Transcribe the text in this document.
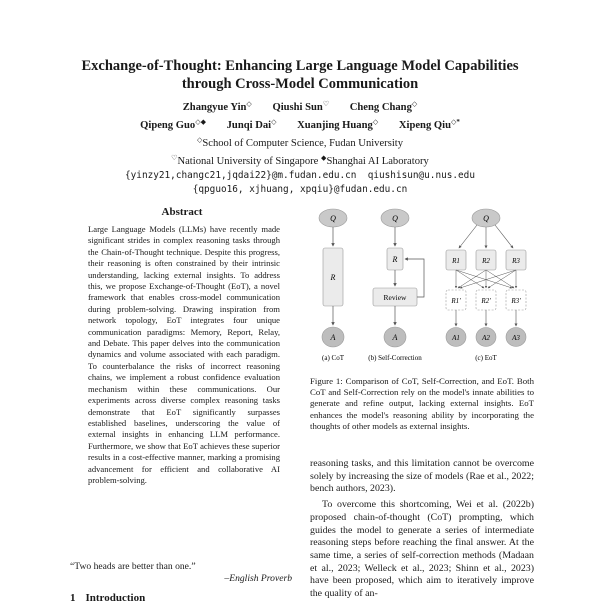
Exchange-of-Thought: Enhancing Large Language Model Capabilities
through Cross-Model Communication
Zhangyue Yin◇ Qiushi Sun♡ Cheng Chang◇
Qipeng Guo◇◆ Junqi Dai◇ Xuanjing Huang◇ Xipeng Qiu◇*
◇School of Computer Science, Fudan University
♡National University of Singapore ◆Shanghai AI Laboratory
{yinzy21,changc21,jqdai22}@m.fudan.edu.cn  qiushisun@u.nus.edu
{qpguo16, xjhuang, xpqiu}@fudan.edu.cn
Abstract
Large Language Models (LLMs) have recently made significant strides in complex reasoning tasks through the Chain-of-Thought technique. Despite this progress, their reasoning is often constrained by their intrinsic understanding, lacking external insights. To address this, we propose Exchange-of-Thought (EoT), a novel framework that enables cross-model communication during problem-solving. Drawing inspiration from network topology, EoT integrates four unique communication paradigms: Memory, Report, Relay, and Debate. This paper delves into the communication dynamics and volume associated with each paradigm. To counterbalance the risks of incorrect reasoning chains, we implement a robust confidence evaluation mechanism within these communications. Our experiments across diverse complex reasoning tasks demonstrate that EoT significantly surpasses established baselines, underscoring the value of external insights in enhancing LLM performance. Furthermore, we show that EoT achieves these superior results in a cost-effective manner, marking a promising advancement for efficient and collaborative AI problem-solving.
“Two heads are better than one.”
–English Proverb
1 Introduction
Q
R
A
(a) CoT
Q
R
Review
A
(b) Self-Correction
Q
R1	R2	R3
R1′	R2′	R3′
A1	A2	A3
(c) EoT
Figure 1: Comparison of CoT, Self-Correction, and EoT. Both CoT and Self-Correction rely on the model's innate abilities to generate and refine output, lacking external insights. EoT enhances the model's reasoning ability by incorporating the thoughts of other models as external insights.

reasoning tasks, and this limitation cannot be overcome solely by increasing the size of models (Rae et al., 2022; bench authors, 2023).

To overcome this shortcoming, Wei et al. (2022b) proposed chain-of-thought (CoT) prompting, which guides the model to generate a series of intermediate reasoning steps before reaching the final answer. At the same time, a series of self-correction methods (Madaan et al., 2023; Welleck et al., 2023; Shinn et al., 2023) have been proposed, which aim to iteratively improve the quality of an-
